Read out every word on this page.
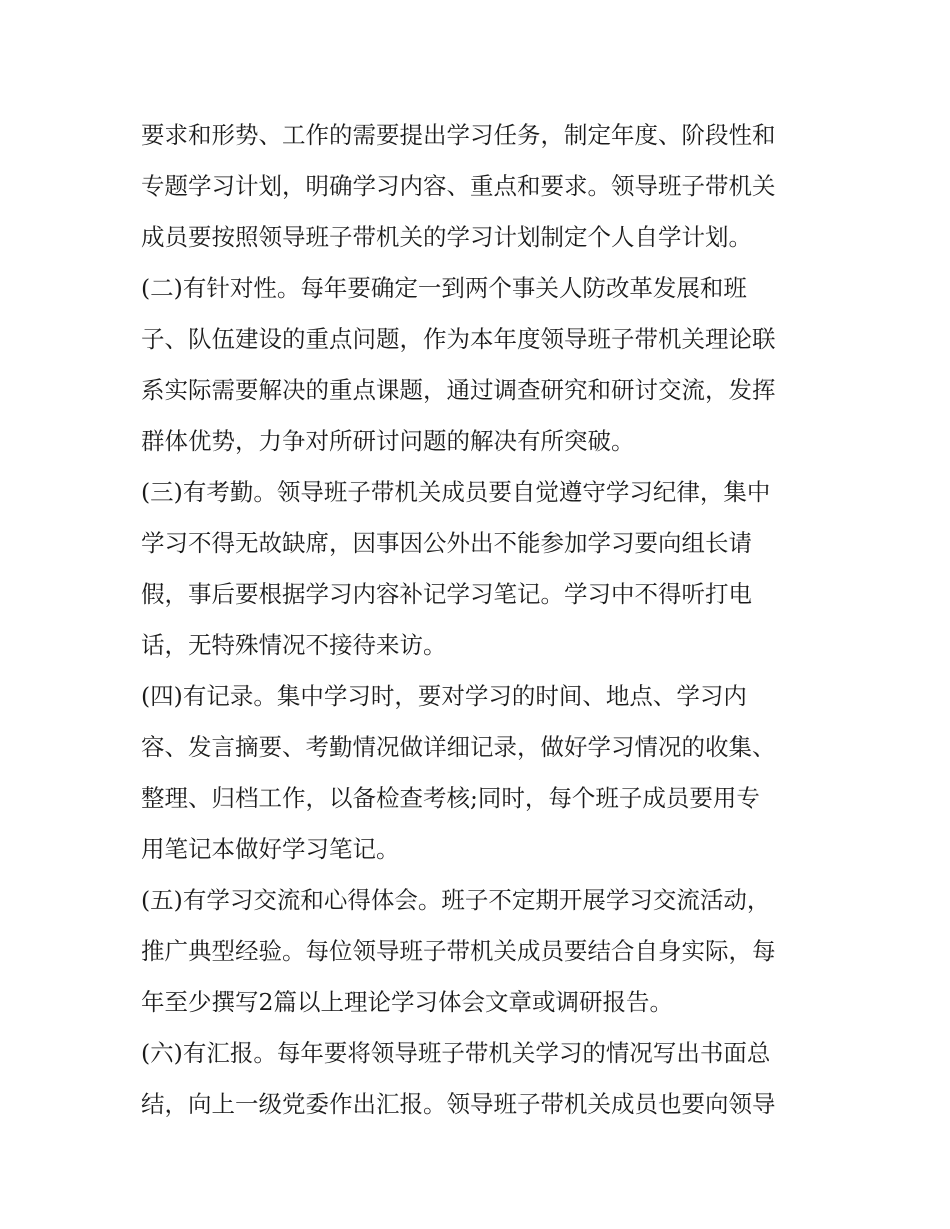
要求和形势、工作的需要提出学习任务，制定年度、阶段性和
专题学习计划，明确学习内容、重点和要求。领导班子带机关
成员要按照领导班子带机关的学习计划制定个人自学计划。
(二)有针对性。每年要确定一到两个事关人防改革发展和班
子、队伍建设的重点问题，作为本年度领导班子带机关理论联
系实际需要解决的重点课题，通过调查研究和研讨交流，发挥
群体优势，力争对所研讨问题的解决有所突破。
(三)有考勤。领导班子带机关成员要自觉遵守学习纪律，集中
学习不得无故缺席，因事因公外出不能参加学习要向组长请
假，事后要根据学习内容补记学习笔记。学习中不得听打电
话，无特殊情况不接待来访。
(四)有记录。集中学习时，要对学习的时间、地点、学习内
容、发言摘要、考勤情况做详细记录，做好学习情况的收集、
整理、归档工作，以备检查考核;同时，每个班子成员要用专
用笔记本做好学习笔记。
(五)有学习交流和心得体会。班子不定期开展学习交流活动，
推广典型经验。每位领导班子带机关成员要结合自身实际，每
年至少撰写2篇以上理论学习体会文章或调研报告。
(六)有汇报。每年要将领导班子带机关学习的情况写出书面总
结，向上一级党委作出汇报。领导班子带机关成员也要向领导
